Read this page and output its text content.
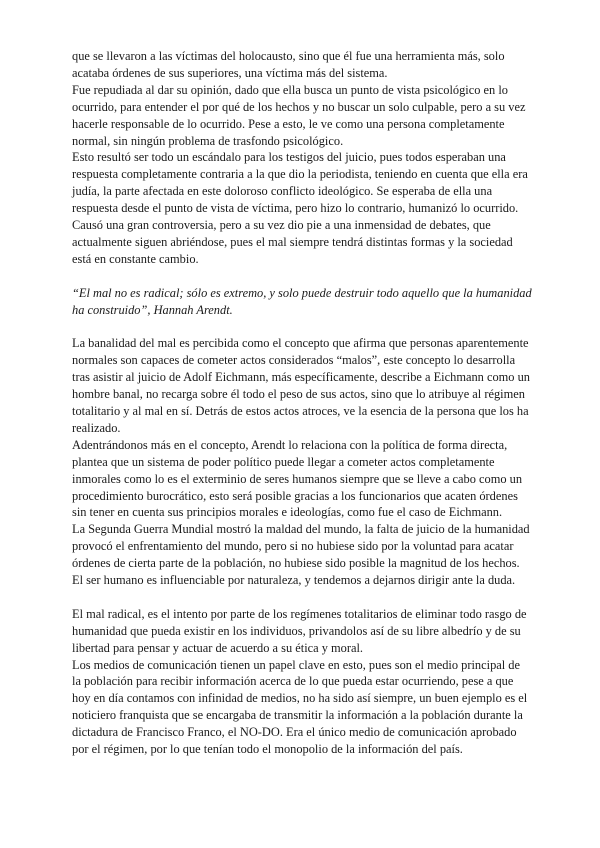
que se llevaron a las víctimas del holocausto, sino que él fue una herramienta más, solo acataba órdenes de sus superiores, una víctima más del sistema.

Fue repudiada al dar su opinión, dado que ella busca un punto de vista psicológico en lo ocurrido, para entender el por qué de los hechos y no buscar un solo culpable, pero a su vez hacerle responsable de lo ocurrido. Pese a esto, le ve como una persona completamente normal, sin ningún problema de trasfondo psicológico.

Esto resultó ser todo un escándalo para los testigos del juicio, pues todos esperaban una respuesta completamente contraria a la que dio la periodista, teniendo en cuenta que ella era judía, la parte afectada en este doloroso conflicto ideológico. Se esperaba de ella una respuesta desde el punto de vista de víctima, pero hizo lo contrario, humanizó lo ocurrido. Causó una gran controversia, pero a su vez dio pie a una inmensidad de debates, que actualmente siguen abriéndose, pues el mal siempre tendrá distintas formas y la sociedad está en constante cambio.

“El mal no es radical; sólo es extremo, y solo puede destruir todo aquello que la humanidad ha construido”, Hannah Arendt.

La banalidad del mal es percibida como el concepto que afirma que personas aparentemente normales son capaces de cometer actos considerados “malos”, este concepto lo desarrolla tras asistir al juicio de Adolf Eichmann, más específicamente, describe a Eichmann como un hombre banal, no recarga sobre él todo el peso de sus actos, sino que lo atribuye al régimen totalitario y al mal en sí. Detrás de estos actos atroces, ve la esencia de la persona que los ha realizado.

Adentrándonos más en el concepto, Arendt lo relaciona con la política de forma directa, plantea que un sistema de poder político puede llegar a cometer actos completamente inmorales como lo es el exterminio de seres humanos siempre que se lleve a cabo como un procedimiento burocrático, esto será posible gracias a los funcionarios que acaten órdenes sin tener en cuenta sus principios morales e ideologías, como fue el caso de Eichmann.

La Segunda Guerra Mundial mostró la maldad del mundo, la falta de juicio de la humanidad provocó el enfrentamiento del mundo, pero si no hubiese sido por la voluntad para acatar órdenes de cierta parte de la población, no hubiese sido posible la magnitud de los hechos. El ser humano es influenciable por naturaleza, y tendemos a dejarnos dirigir ante la duda.

El mal radical, es el intento por parte de los regímenes totalitarios de eliminar todo rasgo de humanidad que pueda existir en los individuos, privandolos así de su libre albedrío y de su libertad para pensar y actuar de acuerdo a su ética y moral.

Los medios de comunicación tienen un papel clave en esto, pues son el medio principal de la población para recibir información acerca de lo que pueda estar ocurriendo, pese a que hoy en día contamos con infinidad de medios, no ha sido así siempre, un buen ejemplo es el noticiero franquista que se encargaba de transmitir la información a la población durante la dictadura de Francisco Franco, el NO-DO. Era el único medio de comunicación aprobado por el régimen, por lo que tenían todo el monopolio de la información del país.
